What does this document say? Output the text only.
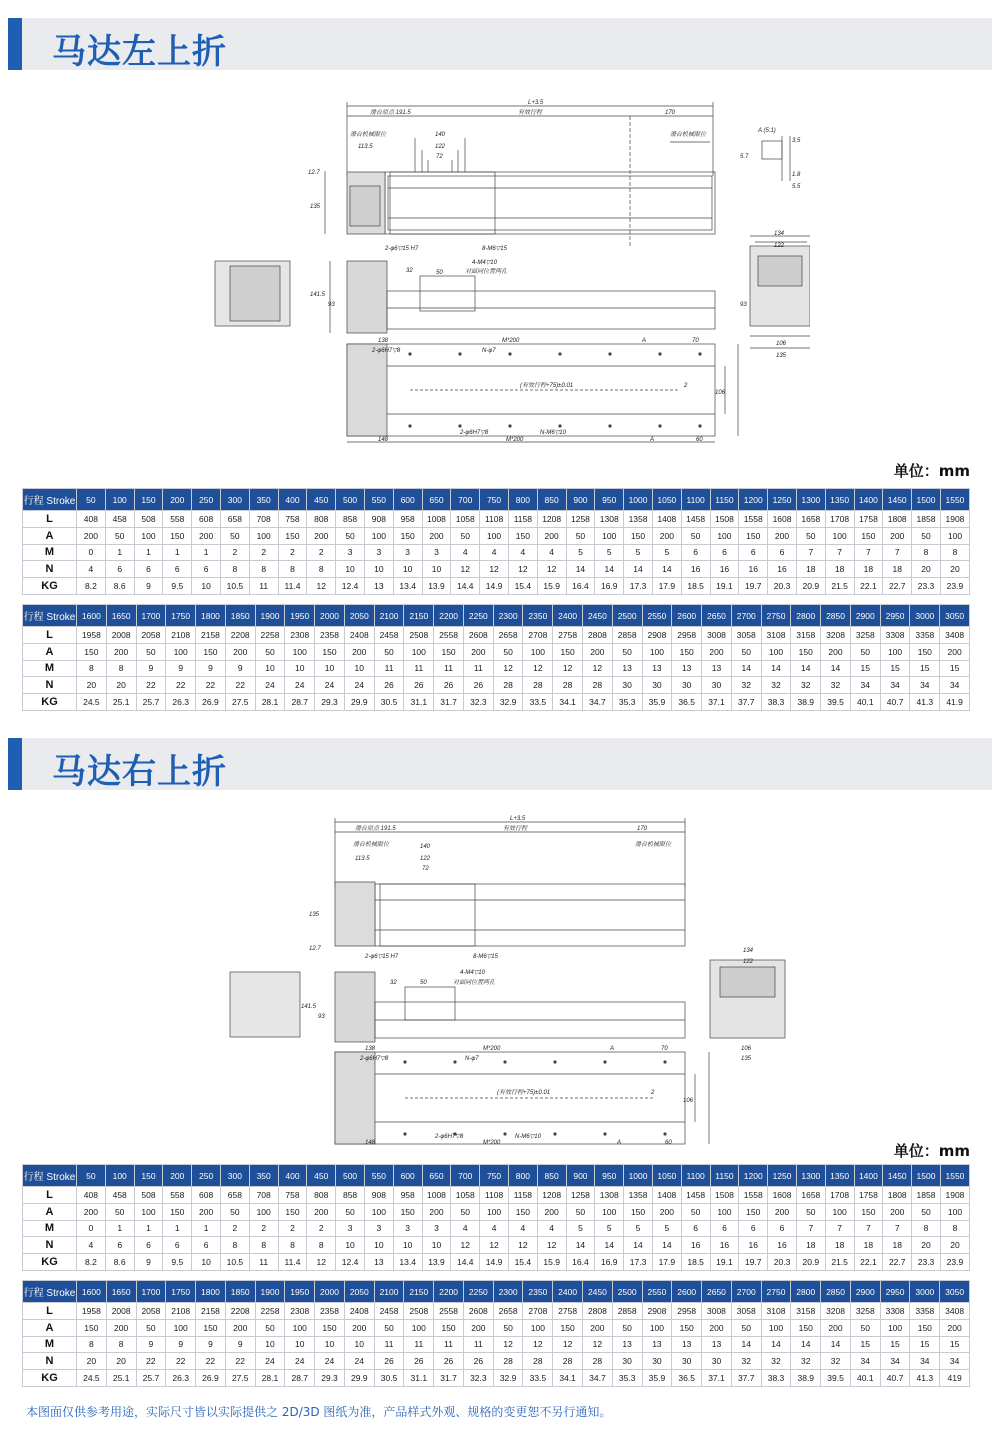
马达左上折
L+3.5
滑台原点 191.5	有效行程	170
滑台机械限位	滑台机械限位
113.5
140
122
72
12.7
135
141.5
93
2-φ6▽15 H7	8-M6▽15
4-M4▽10
对面同位置两孔
32	50
138
2-φ6H7▽8	N-φ7
M*200	A	70
(有效行程+75)±0.01	2
106
148
2-φ6H7▽8	N-M6▽10
M*200	A	60
134
122
93
106
135
A (5:1)
3.5
5.7
1.8
5.5
单位：mm
行程 Stroke	50	100	150	200	250	300	350	400	450	500	550	600	650	700	750	800	850	900	950	1000	1050	1100	1150	1200	1250	1300	1350	1400	1450	1500	1550
L	408	458	508	558	608	658	708	758	808	858	908	958	1008	1058	1108	1158	1208	1258	1308	1358	1408	1458	1508	1558	1608	1658	1708	1758	1808	1858	1908
A	200	50	100	150	200	50	100	150	200	50	100	150	200	50	100	150	200	50	100	150	200	50	100	150	200	50	100	150	200	50	100
M	0	1	1	1	1	2	2	2	2	3	3	3	3	4	4	4	4	5	5	5	5	6	6	6	6	7	7	7	7	8	8
N	4	6	6	6	6	8	8	8	8	10	10	10	10	12	12	12	12	14	14	14	14	16	16	16	16	18	18	18	18	20	20
KG	8.2	8.6	9	9.5	10	10.5	11	11.4	12	12.4	13	13.4	13.9	14.4	14.9	15.4	15.9	16.4	16.9	17.3	17.9	18.5	19.1	19.7	20.3	20.9	21.5	22.1	22.7	23.3	23.9
行程 Stroke	1600	1650	1700	1750	1800	1850	1900	1950	2000	2050	2100	2150	2200	2250	2300	2350	2400	2450	2500	2550	2600	2650	2700	2750	2800	2850	2900	2950	3000	3050
L	1958	2008	2058	2108	2158	2208	2258	2308	2358	2408	2458	2508	2558	2608	2658	2708	2758	2808	2858	2908	2958	3008	3058	3108	3158	3208	3258	3308	3358	3408
A	150	200	50	100	150	200	50	100	150	200	50	100	150	200	50	100	150	200	50	100	150	200	50	100	150	200	50	100	150	200
M	8	8	9	9	9	9	10	10	10	10	11	11	11	11	12	12	12	12	13	13	13	13	14	14	14	14	15	15	15	15
N	20	20	22	22	22	22	24	24	24	24	26	26	26	26	28	28	28	28	30	30	30	30	32	32	32	32	34	34	34	34
KG	24.5	25.1	25.7	26.3	26.9	27.5	28.1	28.7	29.3	29.9	30.5	31.1	31.7	32.3	32.9	33.5	34.1	34.7	35.3	35.9	36.5	37.1	37.7	38.3	38.9	39.5	40.1	40.7	41.3	41.9
马达右上折
L+3.5
滑台原点 191.5	有效行程	170
滑台机械限位	滑台机械限位
113.5
140
122
72
135
12.7
2-φ6▽15 H7	8-M6▽15
4-M4▽10
对面同位置两孔
32	50
141.5
93
138
2-φ6H7▽8	N-φ7
M*200	A	70
(有效行程+75)±0.01	2
106
148
2-φ6H7▽8	N-M6▽10
M*200	A	60
134
122
106
135
单位：mm
行程 Stroke	50	100	150	200	250	300	350	400	450	500	550	600	650	700	750	800	850	900	950	1000	1050	1100	1150	1200	1250	1300	1350	1400	1450	1500	1550
L	408	458	508	558	608	658	708	758	808	858	908	958	1008	1058	1108	1158	1208	1258	1308	1358	1408	1458	1508	1558	1608	1658	1708	1758	1808	1858	1908
A	200	50	100	150	200	50	100	150	200	50	100	150	200	50	100	150	200	50	100	150	200	50	100	150	200	50	100	150	200	50	100
M	0	1	1	1	1	2	2	2	2	3	3	3	3	4	4	4	4	5	5	5	5	6	6	6	6	7	7	7	7	8	8
N	4	6	6	6	6	8	8	8	8	10	10	10	10	12	12	12	12	14	14	14	14	16	16	16	16	18	18	18	18	20	20
KG	8.2	8.6	9	9.5	10	10.5	11	11.4	12	12.4	13	13.4	13.9	14.4	14.9	15.4	15.9	16.4	16.9	17.3	17.9	18.5	19.1	19.7	20.3	20.9	21.5	22.1	22.7	23.3	23.9
行程 Stroke	1600	1650	1700	1750	1800	1850	1900	1950	2000	2050	2100	2150	2200	2250	2300	2350	2400	2450	2500	2550	2600	2650	2700	2750	2800	2850	2900	2950	3000	3050
L	1958	2008	2058	2108	2158	2208	2258	2308	2358	2408	2458	2508	2558	2608	2658	2708	2758	2808	2858	2908	2958	3008	3058	3108	3158	3208	3258	3308	3358	3408
A	150	200	50	100	150	200	50	100	150	200	50	100	150	200	50	100	150	200	50	100	150	200	50	100	150	200	50	100	150	200
M	8	8	9	9	9	9	10	10	10	10	11	11	11	11	12	12	12	12	13	13	13	13	14	14	14	14	15	15	15	15
N	20	20	22	22	22	22	24	24	24	24	26	26	26	26	28	28	28	28	30	30	30	30	32	32	32	32	34	34	34	34
KG	24.5	25.1	25.7	26.3	26.9	27.5	28.1	28.7	29.3	29.9	30.5	31.1	31.7	32.3	32.9	33.5	34.1	34.7	35.3	35.9	36.5	37.1	37.7	38.3	38.9	39.5	40.1	40.7	41.3	419
本图面仅供参考用途，实际尺寸皆以实际提供之 2D/3D 图纸为准，产品样式外观、规格的变更恕不另行通知。
